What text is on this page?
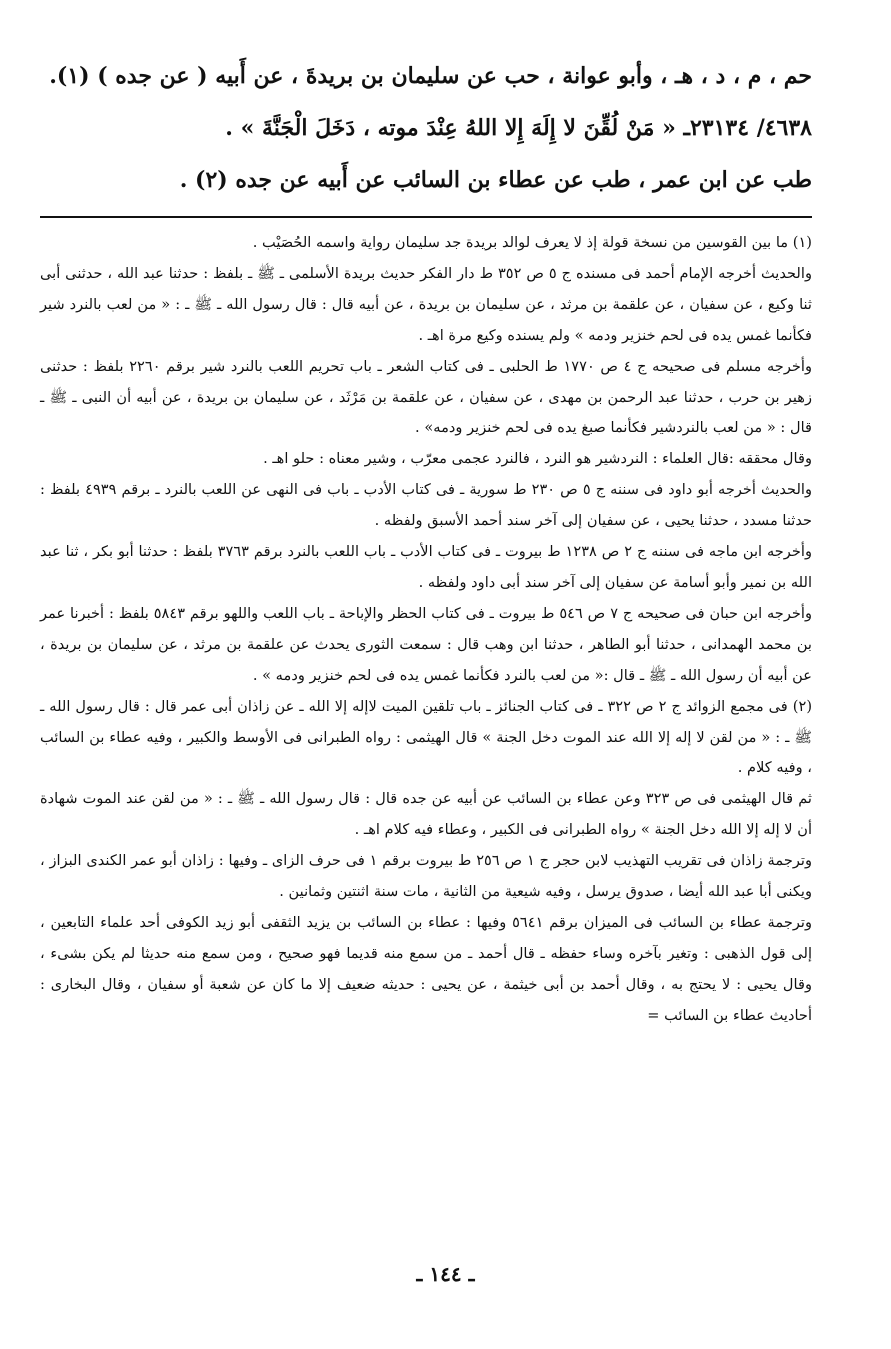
حم ، م ، د ، هـ ، وأبو عوانة ، حب عن سليمان بن بريدةَ ، عن أَبيه ( عن جده ) (١).

٤٦٣٨/ ٢٣١٣٤ـ « مَنْ لُقِّنَ لا إِلَهَ إِلا اللهُ عِنْدَ موته ، دَخَلَ الْجَنَّةَ » .

طب عن ابن عمر ، طب عن عطاء بن السائب عن أَبيه عن جده (٢) .

(١) ما بين القوسين من نسخة قولة إذ لا يعرف لوالد بريدة جد سليمان رواية واسمه الحُصَيْب .

والحديث أخرجه الإمام أحمد فى مسنده ج ٥ ص ٣٥٢ ط دار الفكر حديث بريدة الأسلمى ـ ﷺ ـ بلفظ : حدثنا عبد الله ، حدثنى أبى ثنا وكيع ، عن سفيان ، عن علقمة بن مرثد ، عن سليمان بن بريدة ، عن أبيه قال : قال رسول الله ـ ﷺ ـ : « من لعب بالنرد شير فكأنما غمس يده فى لحم خنزير ودمه » ولم يسنده وكيع مرة اهـ .

وأخرجه مسلم فى صحيحه ج ٤ ص ١٧٧٠ ط الحلبى ـ فى كتاب الشعر ـ باب تحريم اللعب بالنرد شير برقم ٢٢٦٠ بلفظ : حدثنى زهير بن حرب ، حدثنا عبد الرحمن بن مهدى ، عن سفيان ، عن علقمة بن مَرْثَد ، عن سليمان بن بريدة ، عن أبيه أن النبى ـ ﷺ ـ قال : « من لعب بالنردشير فكأنما صبغ يده فى لحم خنزير ودمه» .

وقال محققه :قال العلماء : النردشير هو النرد ، فالنرد عجمى معرّب ، وشير معناه : حلو اهـ .

والحديث أخرجه أبو داود فى سننه ج ٥ ص ٢٣٠ ط سورية ـ فى كتاب الأدب ـ باب فى النهى عن اللعب بالنرد ـ برقم ٤٩٣٩ بلفظ : حدثنا مسدد ، حدثنا يحيى ، عن سفيان إلى آخر سند أحمد الأسبق ولفظه .

وأخرجه ابن ماجه فى سننه ج ٢ ص ١٢٣٨ ط بيروت ـ فى كتاب الأدب ـ باب اللعب بالنرد برقم ٣٧٦٣ بلفظ : حدثنا أبو بكر ، ثنا عبد الله بن نمير وأبو أسامة عن سفيان إلى آخر سند أبى داود ولفظه .

وأخرجه ابن حبان فى صحيحه ج ٧ ص ٥٤٦ ط بيروت ـ فى كتاب الحظر والإباحة ـ باب اللعب واللهو برقم ٥٨٤٣ بلفظ : أخبرنا عمر بن محمد الهمدانى ، حدثنا أبو الطاهر ، حدثنا ابن وهب قال : سمعت الثورى يحدث عن علقمة بن مرثد ، عن سليمان بن بريدة ، عن أبيه أن رسول الله ـ ﷺ ـ قال :« من لعب بالنرد فكأنما غمس يده فى لحم خنزير ودمه » .

(٢) فى مجمع الزوائد ج ٢ ص ٣٢٢ ـ فى كتاب الجنائز ـ باب تلقين الميت لاإله إلا الله ـ عن زاذان أبى عمر قال : قال رسول الله ـ ﷺ ـ : « من لقن لا إله إلا الله عند الموت دخل الجنة » قال الهيثمى : رواه الطبرانى فى الأوسط والكبير ، وفيه عطاء بن السائب ، وفيه كلام .

ثم قال الهيثمى فى ص ٣٢٣ وعن عطاء بن السائب عن أبيه عن جده قال : قال رسول الله ـ ﷺ ـ : « من لقن عند الموت شهادة أن لا إله إلا الله دخل الجنة » رواه الطبرانى فى الكبير ، وعطاء فيه كلام اهـ .

وترجمة زاذان فى تقريب التهذيب لابن حجر ج ١ ص ٢٥٦ ط بيروت برقم ١ فى حرف الزاى ـ وفيها : زاذان أبو عمر الكندى البزاز ، ويكنى أبا عبد الله أيضا ، صدوق يرسل ، وفيه شيعية من الثانية ، مات سنة اثنتين وثمانين .

وترجمة عطاء بن السائب فى الميزان برقم ٥٦٤١ وفيها : عطاء بن السائب بن يزيد الثقفى أبو زيد الكوفى أحد علماء التابعين ، إلى قول الذهبى : وتغير بآخره وساء حفظه ـ قال أحمد ـ من سمع منه قديما فهو صحيح ، ومن سمع منه حديثا لم يكن بشىء ، وقال يحيى : لا يحتج به ، وقال أحمد بن أبى خيثمة ، عن يحيى : حديثه ضعيف إلا ما كان عن شعبة أو سفيان ، وقال البخارى : أحاديث عطاء بن السائب =

ـ ١٤٤ ـ
